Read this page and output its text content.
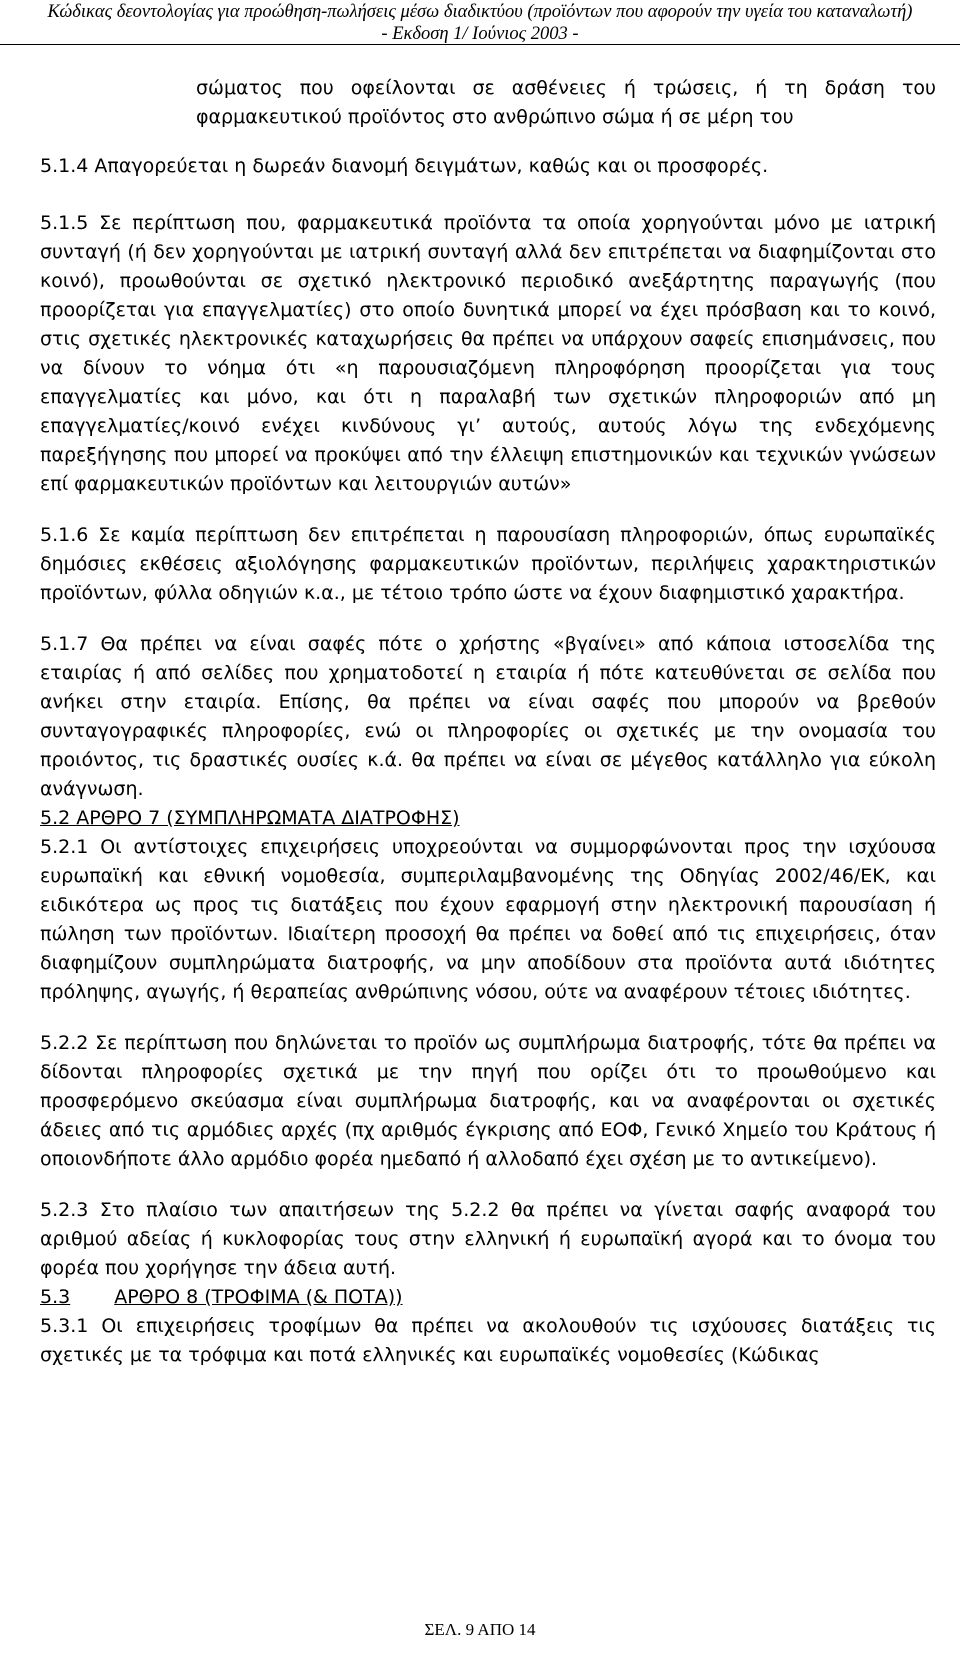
Κώδικας δεοντολογίας για προώθηση-πωλήσεις μέσω διαδικτύου (προϊόντων που αφορούν την υγεία του καταναλωτή)
- Εκδοση 1/ Ιούνιος 2003 -

σώματος που οφείλονται σε ασθένειες ή τρώσεις, ή τη δράση του φαρμακευτικού προϊόντος στο ανθρώπινο σώμα ή σε μέρη του

5.1.4 Απαγορεύεται η δωρεάν διανομή δειγμάτων, καθώς και οι προσφορές.

5.1.5 Σε περίπτωση που, φαρμακευτικά προϊόντα τα οποία χορηγούνται μόνο με ιατρική συνταγή (ή δεν χορηγούνται με ιατρική συνταγή αλλά δεν επιτρέπεται να διαφημίζονται στο κοινό), προωθούνται σε σχετικό ηλεκτρονικό περιοδικό ανεξάρτητης παραγωγής (που προορίζεται για επαγγελματίες) στο οποίο δυνητικά μπορεί να έχει πρόσβαση και το κοινό, στις σχετικές ηλεκτρονικές καταχωρήσεις θα πρέπει να υπάρχουν σαφείς επισημάνσεις, που να δίνουν το νόημα ότι «η παρουσιαζόμενη πληροφόρηση προορίζεται για τους επαγγελματίες και μόνο, και ότι η παραλαβή των σχετικών πληροφοριών από μη επαγγελματίες/κοινό ενέχει κινδύνους γι’ αυτούς, αυτούς λόγω της ενδεχόμενης παρεξήγησης που μπορεί να προκύψει από την έλλειψη επιστημονικών και τεχνικών γνώσεων επί φαρμακευτικών προϊόντων και λειτουργιών αυτών»

5.1.6 Σε καμία περίπτωση δεν επιτρέπεται η παρουσίαση πληροφοριών, όπως ευρωπαϊκές δημόσιες εκθέσεις αξιολόγησης φαρμακευτικών προϊόντων, περιλήψεις χαρακτηριστικών προϊόντων, φύλλα οδηγιών κ.α., με τέτοιο τρόπο ώστε να έχουν διαφημιστικό χαρακτήρα.

5.1.7 Θα πρέπει να είναι σαφές πότε ο χρήστης «βγαίνει» από κάποια ιστοσελίδα της εταιρίας ή από σελίδες που χρηματοδοτεί η εταιρία ή πότε κατευθύνεται σε σελίδα που ανήκει στην εταιρία. Επίσης, θα πρέπει να είναι σαφές που μπορούν να βρεθούν συνταγογραφικές πληροφορίες, ενώ οι πληροφορίες οι σχετικές με την ονομασία του προιόντος, τις δραστικές ουσίες κ.ά. θα πρέπει να είναι σε μέγεθος κατάλληλο για εύκολη ανάγνωση.

5.2 ΑΡΘΡΟ 7 (ΣΥΜΠΛΗΡΩΜΑΤΑ ΔΙΑΤΡΟΦΗΣ)

5.2.1 Οι αντίστοιχες επιχειρήσεις υποχρεούνται να συμμορφώνονται προς την ισχύουσα ευρωπαϊκή και εθνική νομοθεσία, συμπεριλαμβανομένης της Οδηγίας 2002/46/ΕΚ, και ειδικότερα ως προς τις διατάξεις που έχουν εφαρμογή στην ηλεκτρονική παρουσίαση ή πώληση των προϊόντων. Ιδιαίτερη προσοχή θα πρέπει να δοθεί από τις επιχειρήσεις, όταν διαφημίζουν συμπληρώματα διατροφής, να μην αποδίδουν στα προϊόντα αυτά ιδιότητες πρόληψης, αγωγής, ή θεραπείας ανθρώπινης νόσου, ούτε να αναφέρουν τέτοιες ιδιότητες.

5.2.2 Σε περίπτωση που δηλώνεται το προϊόν ως συμπλήρωμα διατροφής, τότε θα πρέπει να δίδονται πληροφορίες σχετικά με την πηγή που ορίζει ότι το προωθούμενο και προσφερόμενο σκεύασμα είναι συμπλήρωμα διατροφής, και να αναφέρονται οι σχετικές άδειες από τις αρμόδιες αρχές (πχ αριθμός έγκρισης από ΕΟΦ, Γενικό Χημείο του Κράτους ή οποιονδήποτε άλλο αρμόδιο φορέα ημεδαπό ή αλλοδαπό έχει σχέση με το αντικείμενο).

5.2.3 Στο πλαίσιο των απαιτήσεων της 5.2.2 θα πρέπει να γίνεται σαφής αναφορά του αριθμού αδείας ή κυκλοφορίας τους στην ελληνική ή ευρωπαϊκή αγορά και το όνομα του φορέα που χορήγησε την άδεια αυτή.

5.3 ΑΡΘΡΟ 8 (ΤΡΟΦΙΜΑ (& ΠΟΤΑ))

5.3.1 Οι επιχειρήσεις τροφίμων θα πρέπει να ακολουθούν τις ισχύουσες διατάξεις τις σχετικές με τα τρόφιμα και ποτά ελληνικές και ευρωπαϊκές νομοθεσίες (Κώδικας

ΣΕΛ. 9 ΑΠΟ 14
